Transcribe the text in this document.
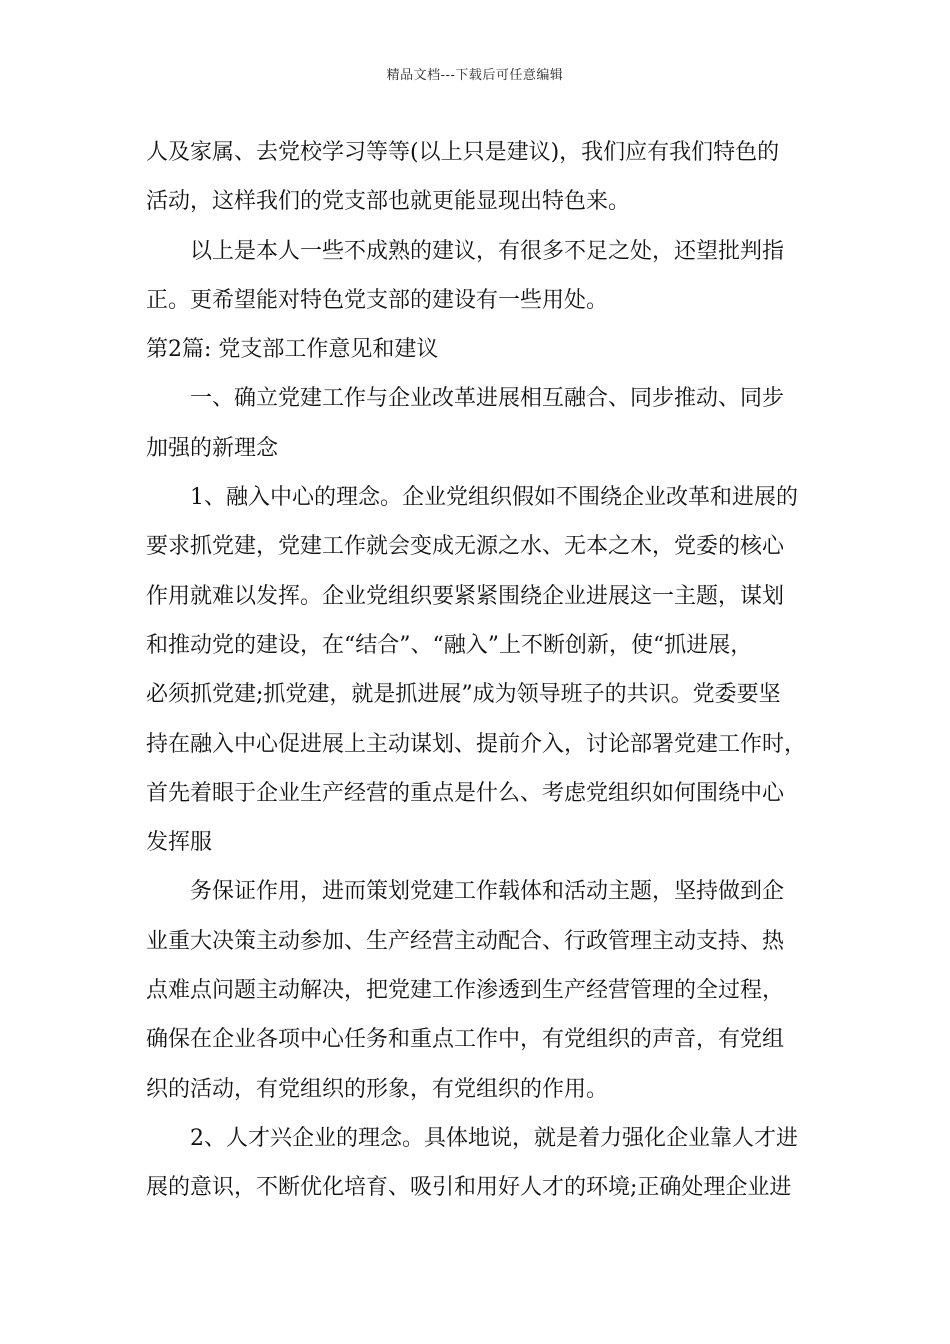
精品文档---下载后可任意编辑
人及家属、去党校学习等等(以上只是建议)，我们应有我们特色的
活动，这样我们的党支部也就更能显现出特色来。
以上是本人一些不成熟的建议，有很多不足之处，还望批判指
正。更希望能对特色党支部的建设有一些用处。
第2篇: 党支部工作意见和建议
一、确立党建工作与企业改革进展相互融合、同步推动、同步
加强的新理念
1、融入中心的理念。企业党组织假如不围绕企业改革和进展的
要求抓党建，党建工作就会变成无源之水、无本之木，党委的核心
作用就难以发挥。企业党组织要紧紧围绕企业进展这一主题，谋划
和推动党的建设，在“结合”、“融入”上不断创新，使“抓进展，
必须抓党建;抓党建，就是抓进展”成为领导班子的共识。党委要坚
持在融入中心促进展上主动谋划、提前介入，讨论部署党建工作时，
首先着眼于企业生产经营的重点是什么、考虑党组织如何围绕中心
发挥服
务保证作用，进而策划党建工作载体和活动主题，坚持做到企
业重大决策主动参加、生产经营主动配合、行政管理主动支持、热
点难点问题主动解决，把党建工作渗透到生产经营管理的全过程，
确保在企业各项中心任务和重点工作中，有党组织的声音，有党组
织的活动，有党组织的形象，有党组织的作用。
2、人才兴企业的理念。具体地说，就是着力强化企业靠人才进
展的意识，不断优化培育、吸引和用好人才的环境;正确处理企业进
